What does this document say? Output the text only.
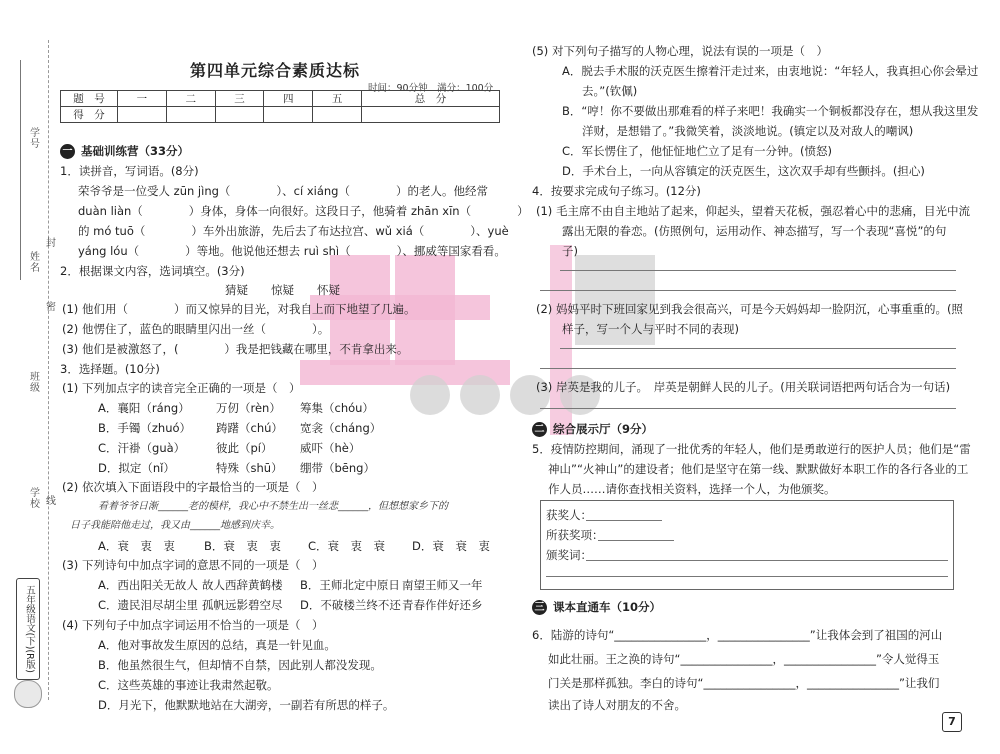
学号
封
姓名
密
班级
线
学校
五年级语文(下)(R版)
第四单元综合素质达标
时间：90分钟　满分：100分
题　号	一	二	三	四	五	总　分
得　分						
一 基础训练营（33分）
1．读拼音，写词语。(8分)
荣爷爷是一位受人 zūn jìng（　　　　）、cí xiáng（　　　　）的老人。他经常
duàn liàn（　　　　）身体，身体一向很好。这段日子，他骑着 zhān xīn（　　　　）
的 mó tuō（　　　　）车外出旅游，先后去了布达拉宫、wǔ xiá（　　　　）、yuè
yáng lóu（　　　　）等地。他说他还想去 ruì shì（　　　　）、挪威等国家看看。
2．根据课文内容，选词填空。(3分)
猜疑　　惊疑　　怀疑
(1) 他们用（　　　　）而又惊异的目光，对我自上而下地望了几遍。
(2) 他愣住了，蓝色的眼睛里闪出一丝（　　　　）。
(3) 他们是被激怒了，(　　　　）我是把钱藏在哪里，不肯拿出来。
3．选择题。(10分)
(1) 下列加点字的读音完全正确的一项是（　）
A．襄阳（ráng） 万仞（rèn） 筹集（chóu）
B．手镯（zhuó） 踌躇（chú） 宽衾（cháng）
C．汗褂（guà）	彼此（pí） 威吓（hè）
D．拟定（nǐ）	特殊（shū） 绷带（bēng）
(2) 依次填入下面语段中的字最恰当的一项是（　）
看着爷爷日渐______老的模样，我心中不禁生出一丝悲______，但想想家乡下的
日子我能陪他走过，我又由______地感到庆幸。
A．衰　衷　衷	B．衰　衷　衷 C．衰　衷　衰 D．衰　衰　衷
(3) 下列诗句中加点字词的意思不同的一项是（　）
A．西出阳关无故人 故人西辞黄鹤楼 B．王师北定中原日 南望王师又一年
C．遗民泪尽胡尘里 孤帆远影碧空尽 D．不破楼兰终不还 青春作伴好还乡
(4) 下列句子中加点字词运用不恰当的一项是（　）
A．他对事故发生原因的总结，真是一针见血。
B．他虽然很生气，但却情不自禁，因此别人都没发现。
C．这些英雄的事迹让我肃然起敬。
D．月光下，他默默地站在大湖旁，一副若有所思的样子。
(5) 对下列句子描写的人物心理，说法有误的一项是（　）
A．脱去手术服的沃克医生擦着汗走过来，由衷地说：“年轻人，我真担心你会晕过
去。”(钦佩)
B．“哼！你不要做出那难看的样子来吧！我确实一个铜板都没存在，想从我这里发
洋财，是想错了。”我微笑着，淡淡地说。(镇定以及对敌人的嘲讽)
C．军长愣住了，他怔怔地伫立了足有一分钟。(愤怒)
D．手术台上，一向从容镇定的沃克医生，这次双手却有些颤抖。(担心)
4．按要求完成句子练习。(12分)
(1) 毛主席不由自主地站了起来，仰起头，望着天花板，强忍着心中的悲痛，目光中流
露出无限的眷恋。(仿照例句，运用动作、神态描写，写一个表现“喜悦”的句
子)
(2) 妈妈平时下班回家见到我会很高兴，可是今天妈妈却一脸阴沉，心事重重的。(照
样子，写一个人与平时不同的表现)
(3) 岸英是我的儿子。　岸英是朝鲜人民的儿子。(用关联词语把两句话合为一句话)
二 综合展示厅（9分）
5．疫情防控期间，涌现了一批优秀的年轻人，他们是勇敢逆行的医护人员；他们是“雷
神山”“火神山”的建设者；他们是坚守在第一线、默默做好本职工作的各行各业的工
作人员……请你查找相关资料，选择一个人，为他颁奖。
获奖人：
所获奖项：
颁奖词：
三 课本直通车（10分）
6．陆游的诗句“________________，________________”让我体会到了祖国的河山
如此壮丽。王之涣的诗句“________________，________________”令人觉得玉
门关是那样孤独。李白的诗句“________________，________________”让我们
读出了诗人对朋友的不舍。
7
